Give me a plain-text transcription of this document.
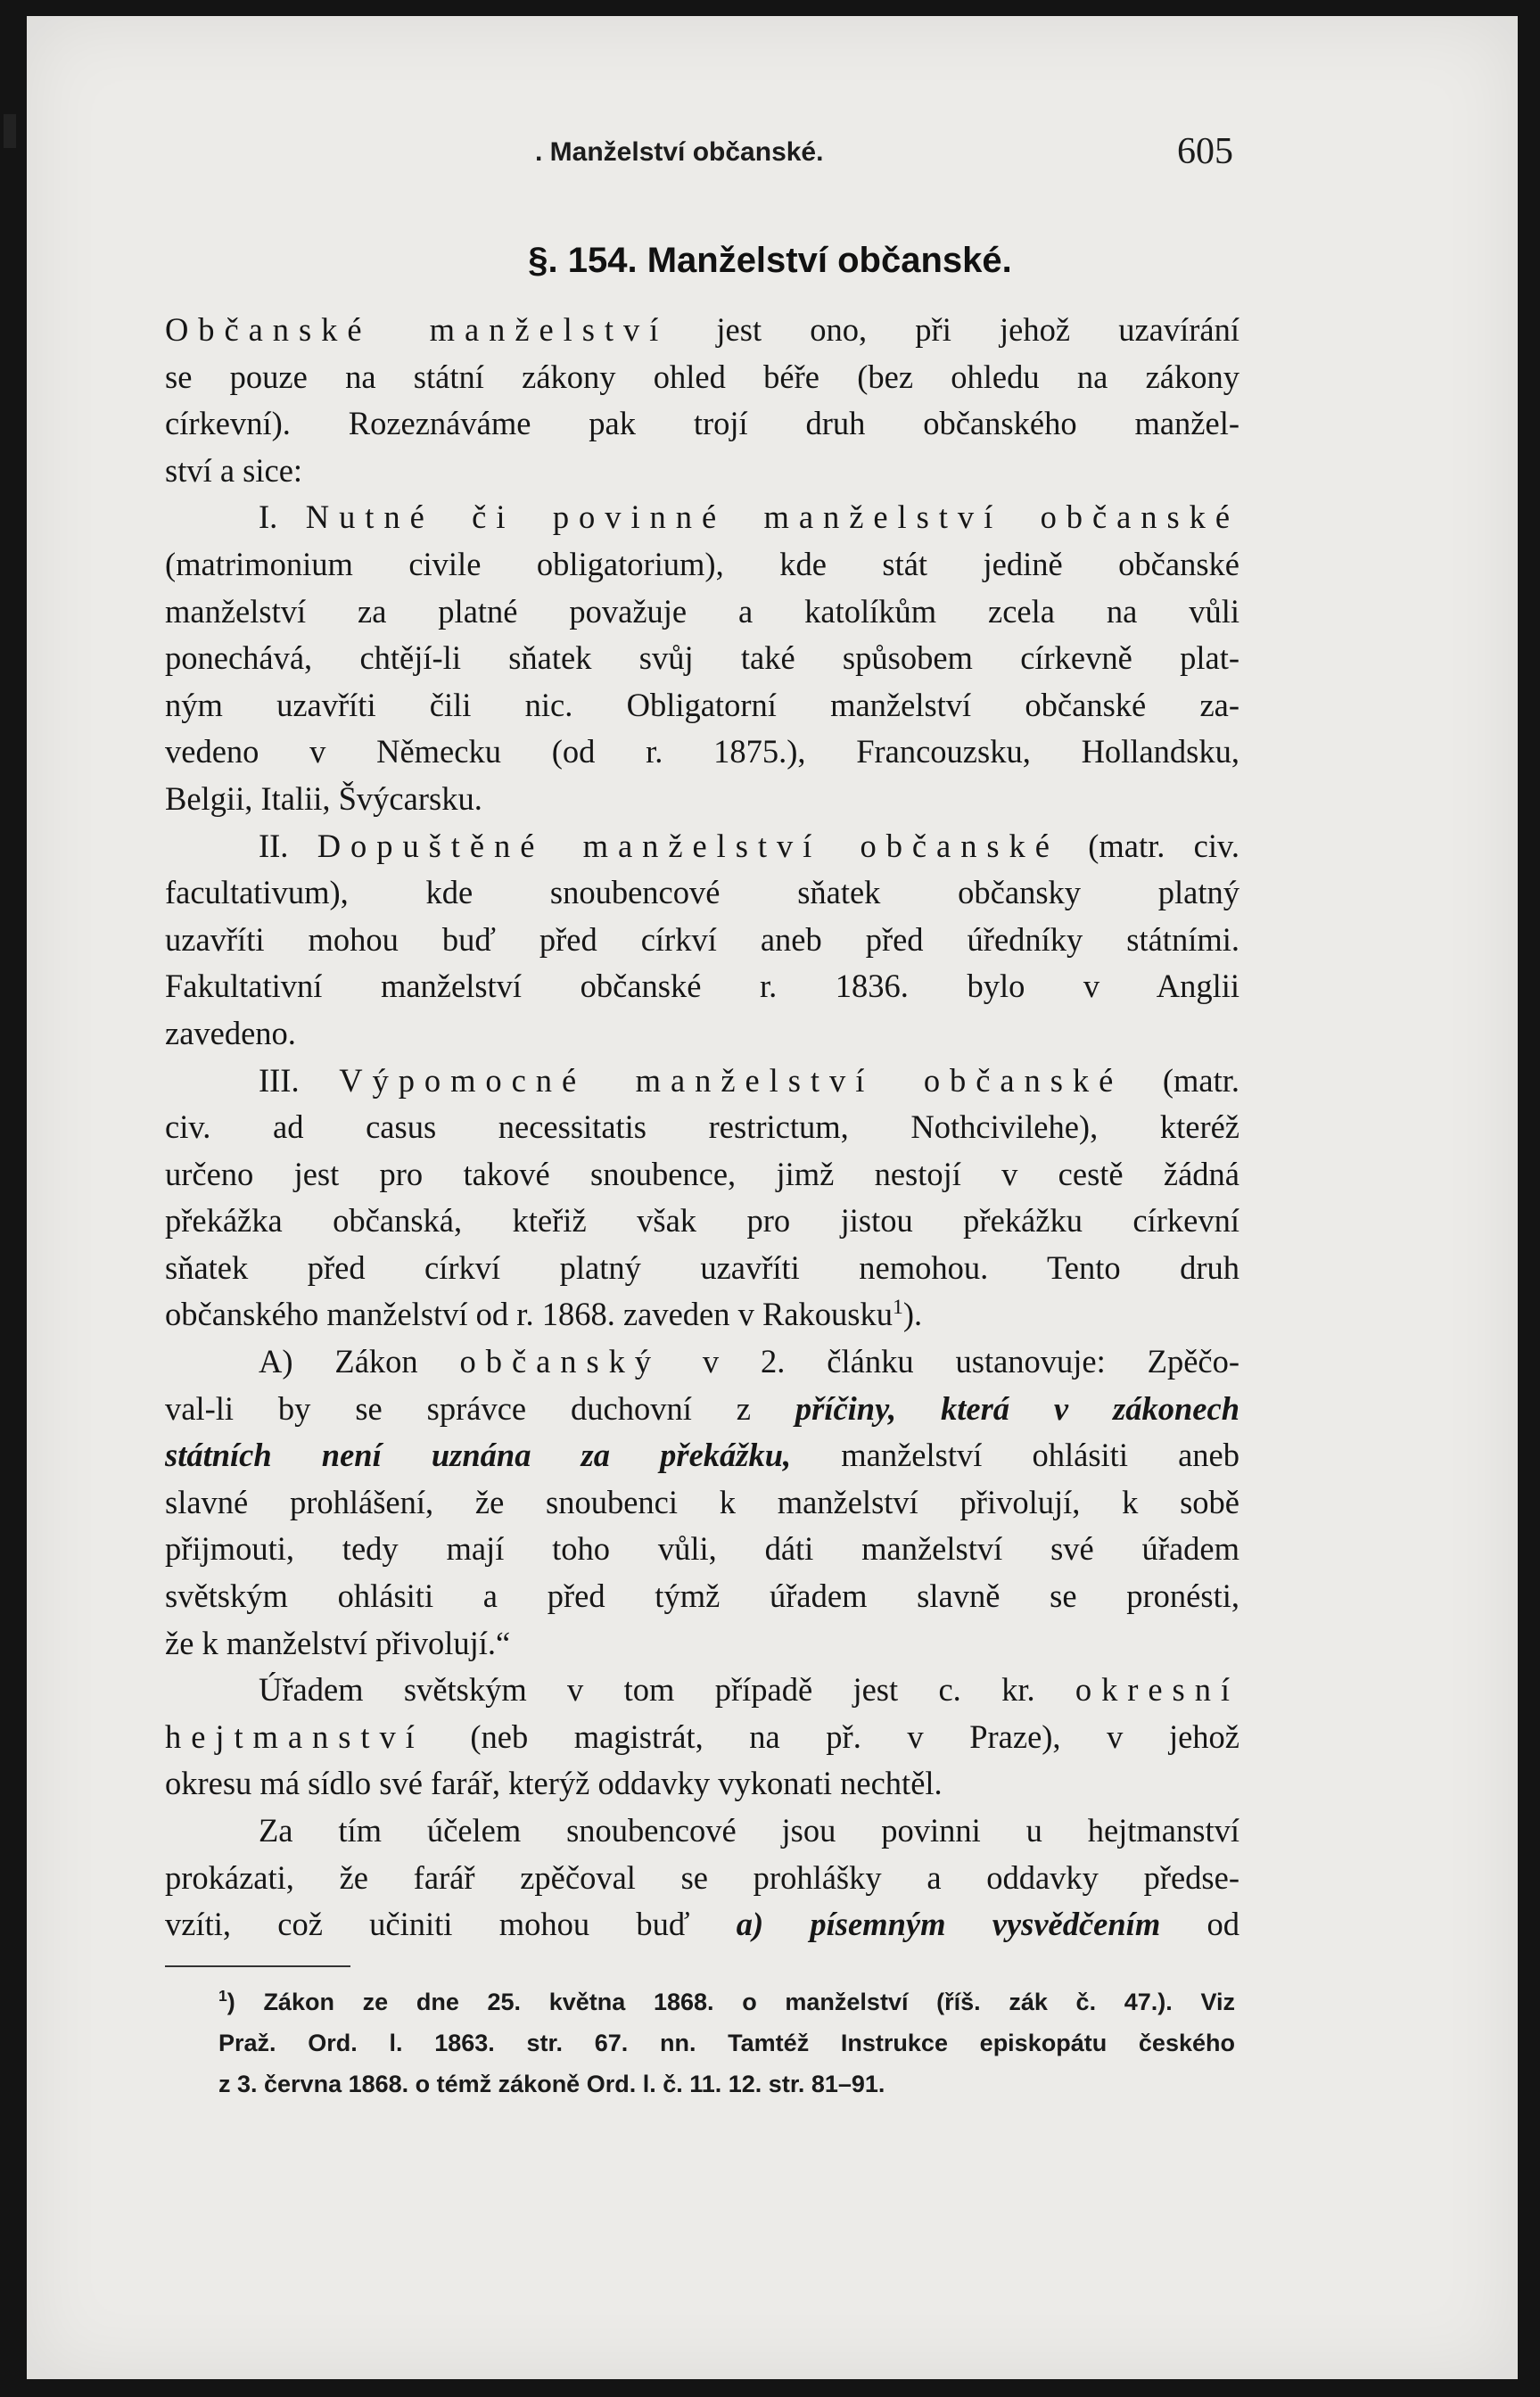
. Manželství občanské.	605
§. 154. Manželství občanské.
Občanské manželství jest ono, při jehož uzavírání
se pouze na státní zákony ohled béře (bez ohledu na zákony
církevní). Rozeznáváme pak trojí druh občanského manžel-
ství a sice:
I. Nutné či povinné manželství občanské
(matrimonium civile obligatorium), kde stát jedině občanské
manželství za platné považuje a katolíkům zcela na vůli
ponechává, chtějí-li sňatek svůj také spůsobem církevně plat-
ným uzavříti čili nic. Obligatorní manželství občanské za-
vedeno v Německu (od r. 1875.), Francouzsku, Hollandsku,
Belgii, Italii, Švýcarsku.
II. Dopuštěné manželství občanské (matr. civ.
facultativum), kde snoubencové sňatek občansky platný
uzavříti mohou buď před církví aneb před úředníky státními.
Fakultativní manželství občanské r. 1836. bylo v Anglii
zavedeno.
III. Výpomocné manželství občanské (matr.
civ. ad casus necessitatis restrictum, Nothcivilehe), kteréž
určeno jest pro takové snoubence, jimž nestojí v cestě žádná
překážka občanská, kteřiž však pro jistou překážku církevní
sňatek před církví platný uzavříti nemohou. Tento druh
občanského manželství od r. 1868. zaveden v Rakousku$^1$).
A) Zákon občanský v 2. článku ustanovuje: Zpěčo-
val-li by se správce duchovní z příčiny, která v zákonech
státních není uznána za překážku, manželství ohlásiti aneb
slavné prohlášení, že snoubenci k manželství přivolují, k sobě
přijmouti, tedy mají toho vůli, dáti manželství své úřadem
světským ohlásiti a před týmž úřadem slavně se pronésti,
že k manželství přivolují.“
Úřadem světským v tom případě jest c. kr. okresní
hejtmanství (neb magistrát, na př. v Praze), v jehož
okresu má sídlo své farář, kterýž oddavky vykonati nechtěl.
Za tím účelem snoubencové jsou povinni u hejtmanství
prokázati, že farář zpěčoval se prohlášky a oddavky předse-
vzíti, což učiniti mohou buď a) písemným vysvědčením od
$^1$) Zákon ze dne 25. května 1868. o manželství (říš. zák č. 47.). Viz
Praž. Ord. l. 1863. str. 67. nn. Tamtéž Instrukce episkopátu českého
z 3. června 1868. o témž zákoně Ord. l. č. 11. 12. str. 81–91.
